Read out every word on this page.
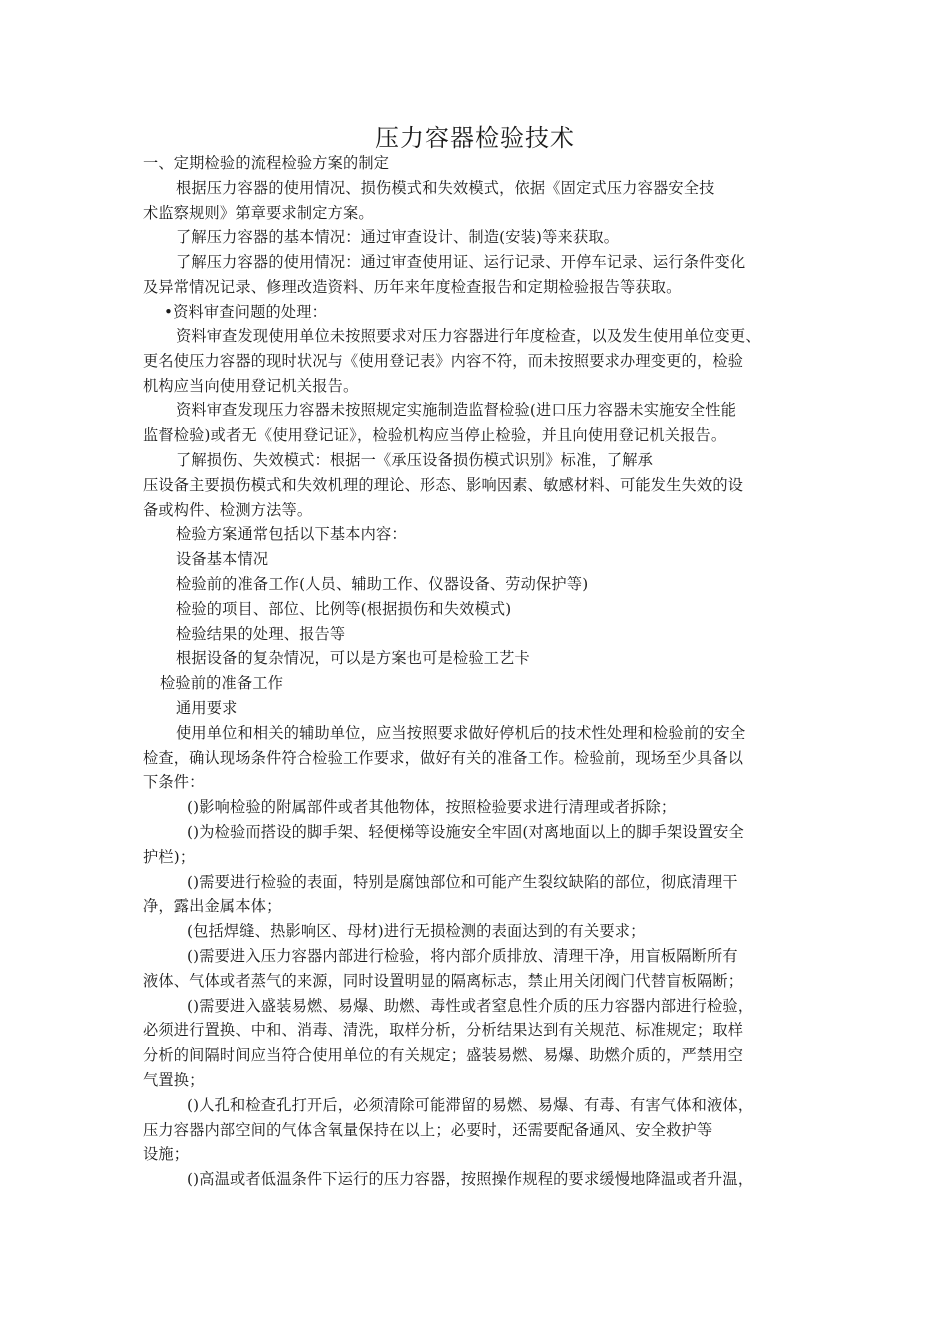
压力容器检验技术
一、定期检验的流程检验方案的制定
根据压力容器的使用情况、损伤模式和失效模式，依据《固定式压力容器安全技
术监察规则》第章要求制定方案。
了解压力容器的基本情况：通过审查设计、制造(安装)等来获取。
了解压力容器的使用情况：通过审查使用证、运行记录、开停车记录、运行条件变化
及异常情况记录、修理改造资料、历年来年度检查报告和定期检验报告等获取。
•资料审查问题的处理：
资料审查发现使用单位未按照要求对压力容器进行年度检查，以及发生使用单位变更、
更名使压力容器的现时状况与《使用登记表》内容不符，而未按照要求办理变更的，检验
机构应当向使用登记机关报告。
资料审查发现压力容器未按照规定实施制造监督检验(进口压力容器未实施安全性能
监督检验)或者无《使用登记证》，检验机构应当停止检验，并且向使用登记机关报告。
了解损伤、失效模式：根据一《承压设备损伤模式识别》标准，了解承
压设备主要损伤模式和失效机理的理论、形态、影响因素、敏感材料、可能发生失效的设
备或构件、检测方法等。
检验方案通常包括以下基本内容：
设备基本情况
检验前的准备工作(人员、辅助工作、仪器设备、劳动保护等)
检验的项目、部位、比例等(根据损伤和失效模式)
检验结果的处理、报告等
根据设备的复杂情况，可以是方案也可是检验工艺卡
检验前的准备工作
通用要求
使用单位和相关的辅助单位，应当按照要求做好停机后的技术性处理和检验前的安全
检查，确认现场条件符合检验工作要求，做好有关的准备工作。检验前，现场至少具备以
下条件：
()影响检验的附属部件或者其他物体，按照检验要求进行清理或者拆除；
()为检验而搭设的脚手架、轻便梯等设施安全牢固(对离地面以上的脚手架设置安全
护栏)；
()需要进行检验的表面，特别是腐蚀部位和可能产生裂纹缺陷的部位，彻底清理干
净，露出金属本体；
(包括焊缝、热影响区、母材)进行无损检测的表面达到的有关要求；
()需要进入压力容器内部进行检验，将内部介质排放、清理干净，用盲板隔断所有
液体、气体或者蒸气的来源，同时设置明显的隔离标志，禁止用关闭阀门代替盲板隔断；
()需要进入盛装易燃、易爆、助燃、毒性或者窒息性介质的压力容器内部进行检验，
必须进行置换、中和、消毒、清洗，取样分析，分析结果达到有关规范、标准规定；取样
分析的间隔时间应当符合使用单位的有关规定；盛装易燃、易爆、助燃介质的，严禁用空
气置换；
()人孔和检查孔打开后，必须清除可能滞留的易燃、易爆、有毒、有害气体和液体，
压力容器内部空间的气体含氧量保持在以上；必要时，还需要配备通风、安全救护等
设施；
()高温或者低温条件下运行的压力容器，按照操作规程的要求缓慢地降温或者升温，
